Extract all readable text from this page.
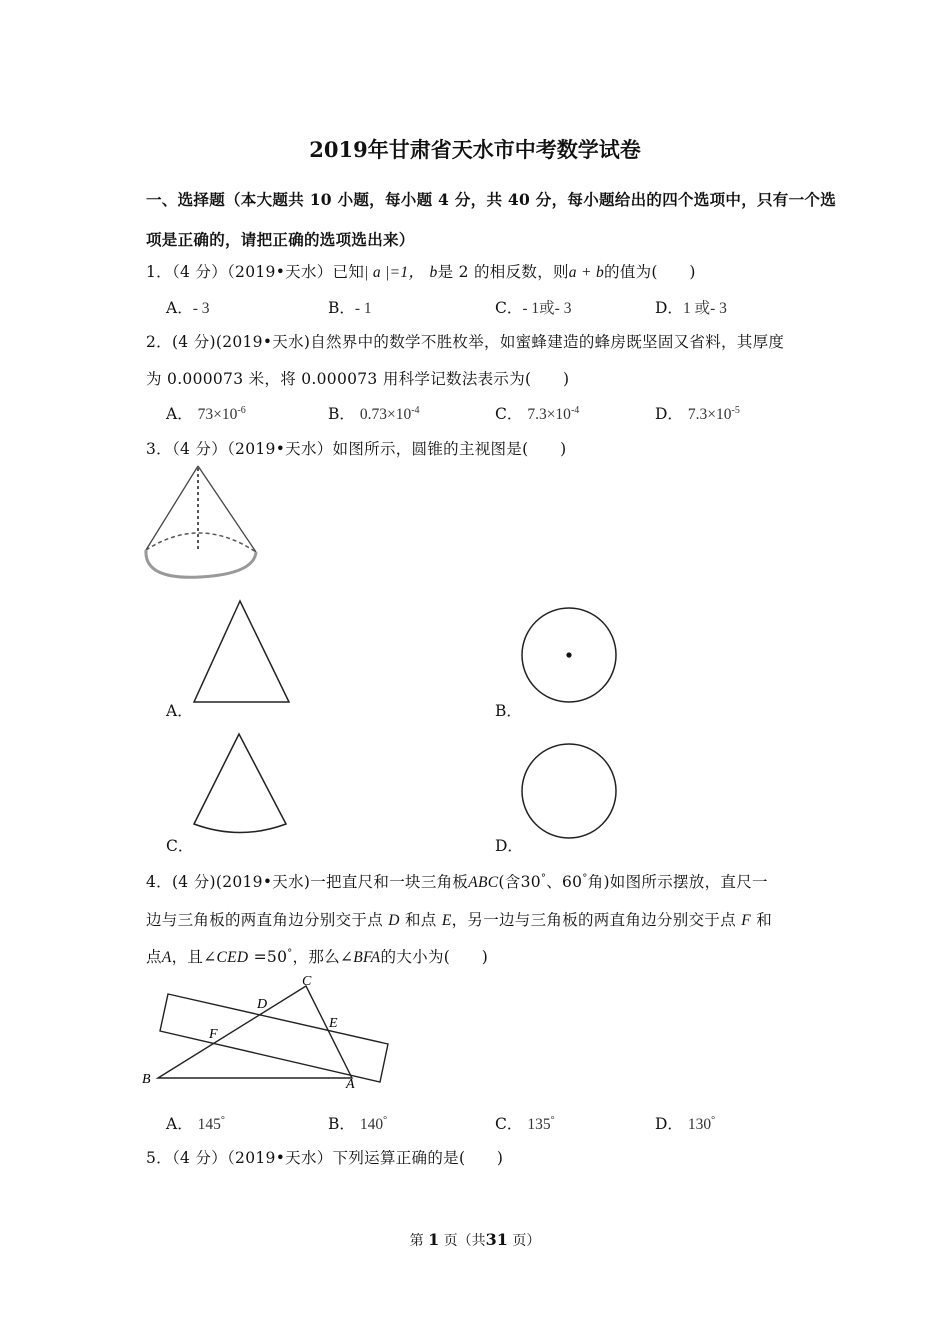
2019年甘肃省天水市中考数学试卷
一、选择题（本大题共 10 小题，每小题 4 分，共 40 分，每小题给出的四个选项中，只有一个选
项是正确的，请把正确的选项选出来）
1．（4 分）（2019•天水）已知| a |=1， b是 2 的相反数，则a + b的值为(　　)
A．- 3	B．- 1	C．- 1或- 3	D．1 或- 3
2．(4 分)(2019•天水)自然界中的数学不胜枚举，如蜜蜂建造的蜂房既坚固又省料，其厚度
为 0.000073 米，将 0.000073 用科学记数法表示为(　　)
A． $73\times 10^{-6}$	B． $0.73\times 10^{-4}$	C． $7.3\times 10^{-4}$	D． $7.3\times 10^{-5}$
3．（4 分）（2019•天水）如图所示，圆锥的主视图是(　　)
A．	B．
C．	D．
4．(4 分)(2019•天水)一把直尺和一块三角板ABC(含30°、60°角)如图所示摆放，直尺一
边与三角板的两直角边分别交于点 D 和点 E，另一边与三角板的两直角边分别交于点 F 和
点A，且∠CED =50°，那么∠BFA的大小为(　　)
B
C
D
E
F
A
A． 145°	B． 140°	C． 135°	D． 130°
5．（4 分）（2019•天水）下列运算正确的是(　　)
第 1 页（共31 页）
